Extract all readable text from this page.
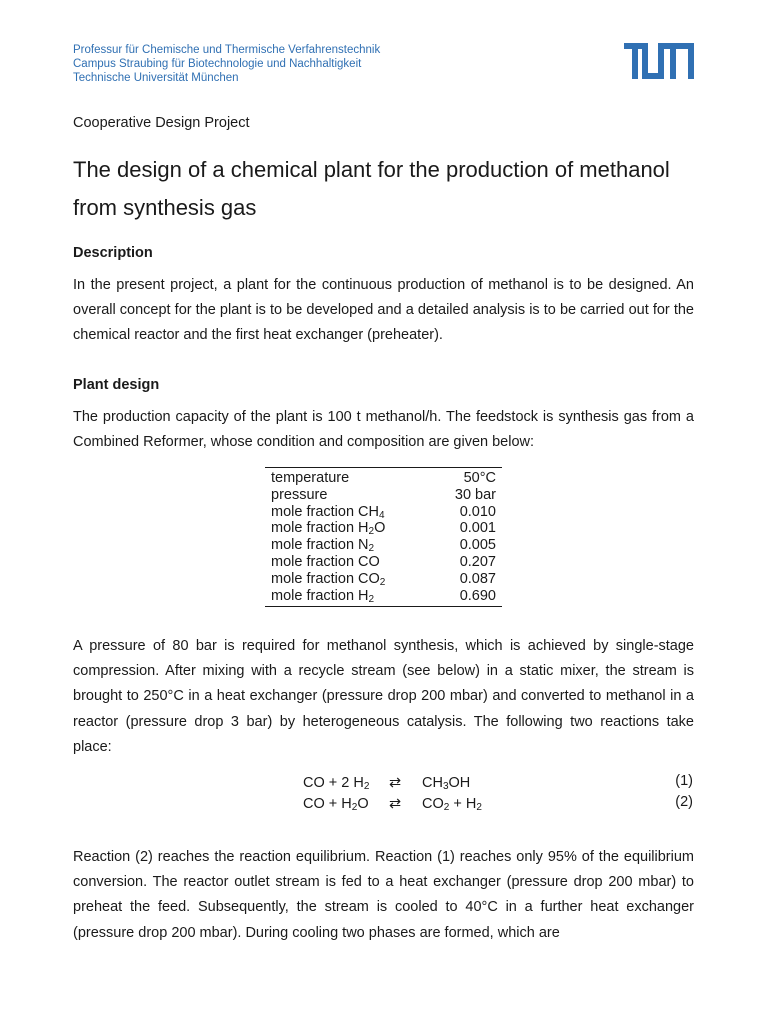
Professur für Chemische und Thermische Verfahrenstechnik
Campus Straubing für Biotechnologie und Nachhaltigkeit
Technische Universität München
Cooperative Design Project
The design of a chemical plant for the production of methanol from synthesis gas
Description
In the present project, a plant for the continuous production of methanol is to be designed. An overall concept for the plant is to be developed and a detailed analysis is to be carried out for the chemical reactor and the first heat exchanger (preheater).
Plant design
The production capacity of the plant is 100 t methanol/h. The feedstock is synthesis gas from a Combined Reformer, whose condition and composition are given below:
temperature	50°C
pressure	30 bar
mole fraction $CH_4$	0.010
mole fraction $H_2O$	0.001
mole fraction $N_2$	0.005
mole fraction CO	0.207
mole fraction $CO_2$	0.087
mole fraction $H_2$	0.690
A pressure of 80 bar is required for methanol synthesis, which is achieved by single-stage compression. After mixing with a recycle stream (see below) in a static mixer, the stream is brought to 250°C in a heat exchanger (pressure drop 200 mbar) and converted to methanol in a reactor (pressure drop 3 bar) by heterogeneous catalysis. The following two reactions take place:
CO + 2 $H_2$ ⇄ $CH_3OH$	(1)
CO + $H_2O$ ⇄ $CO_2 + H_2$	(2)
Reaction (2) reaches the reaction equilibrium. Reaction (1) reaches only 95% of the equilibrium conversion. The reactor outlet stream is fed to a heat exchanger (pressure drop 200 mbar) to preheat the feed. Subsequently, the stream is cooled to 40°C in a further heat exchanger (pressure drop 200 mbar). During cooling two phases are formed, which are
